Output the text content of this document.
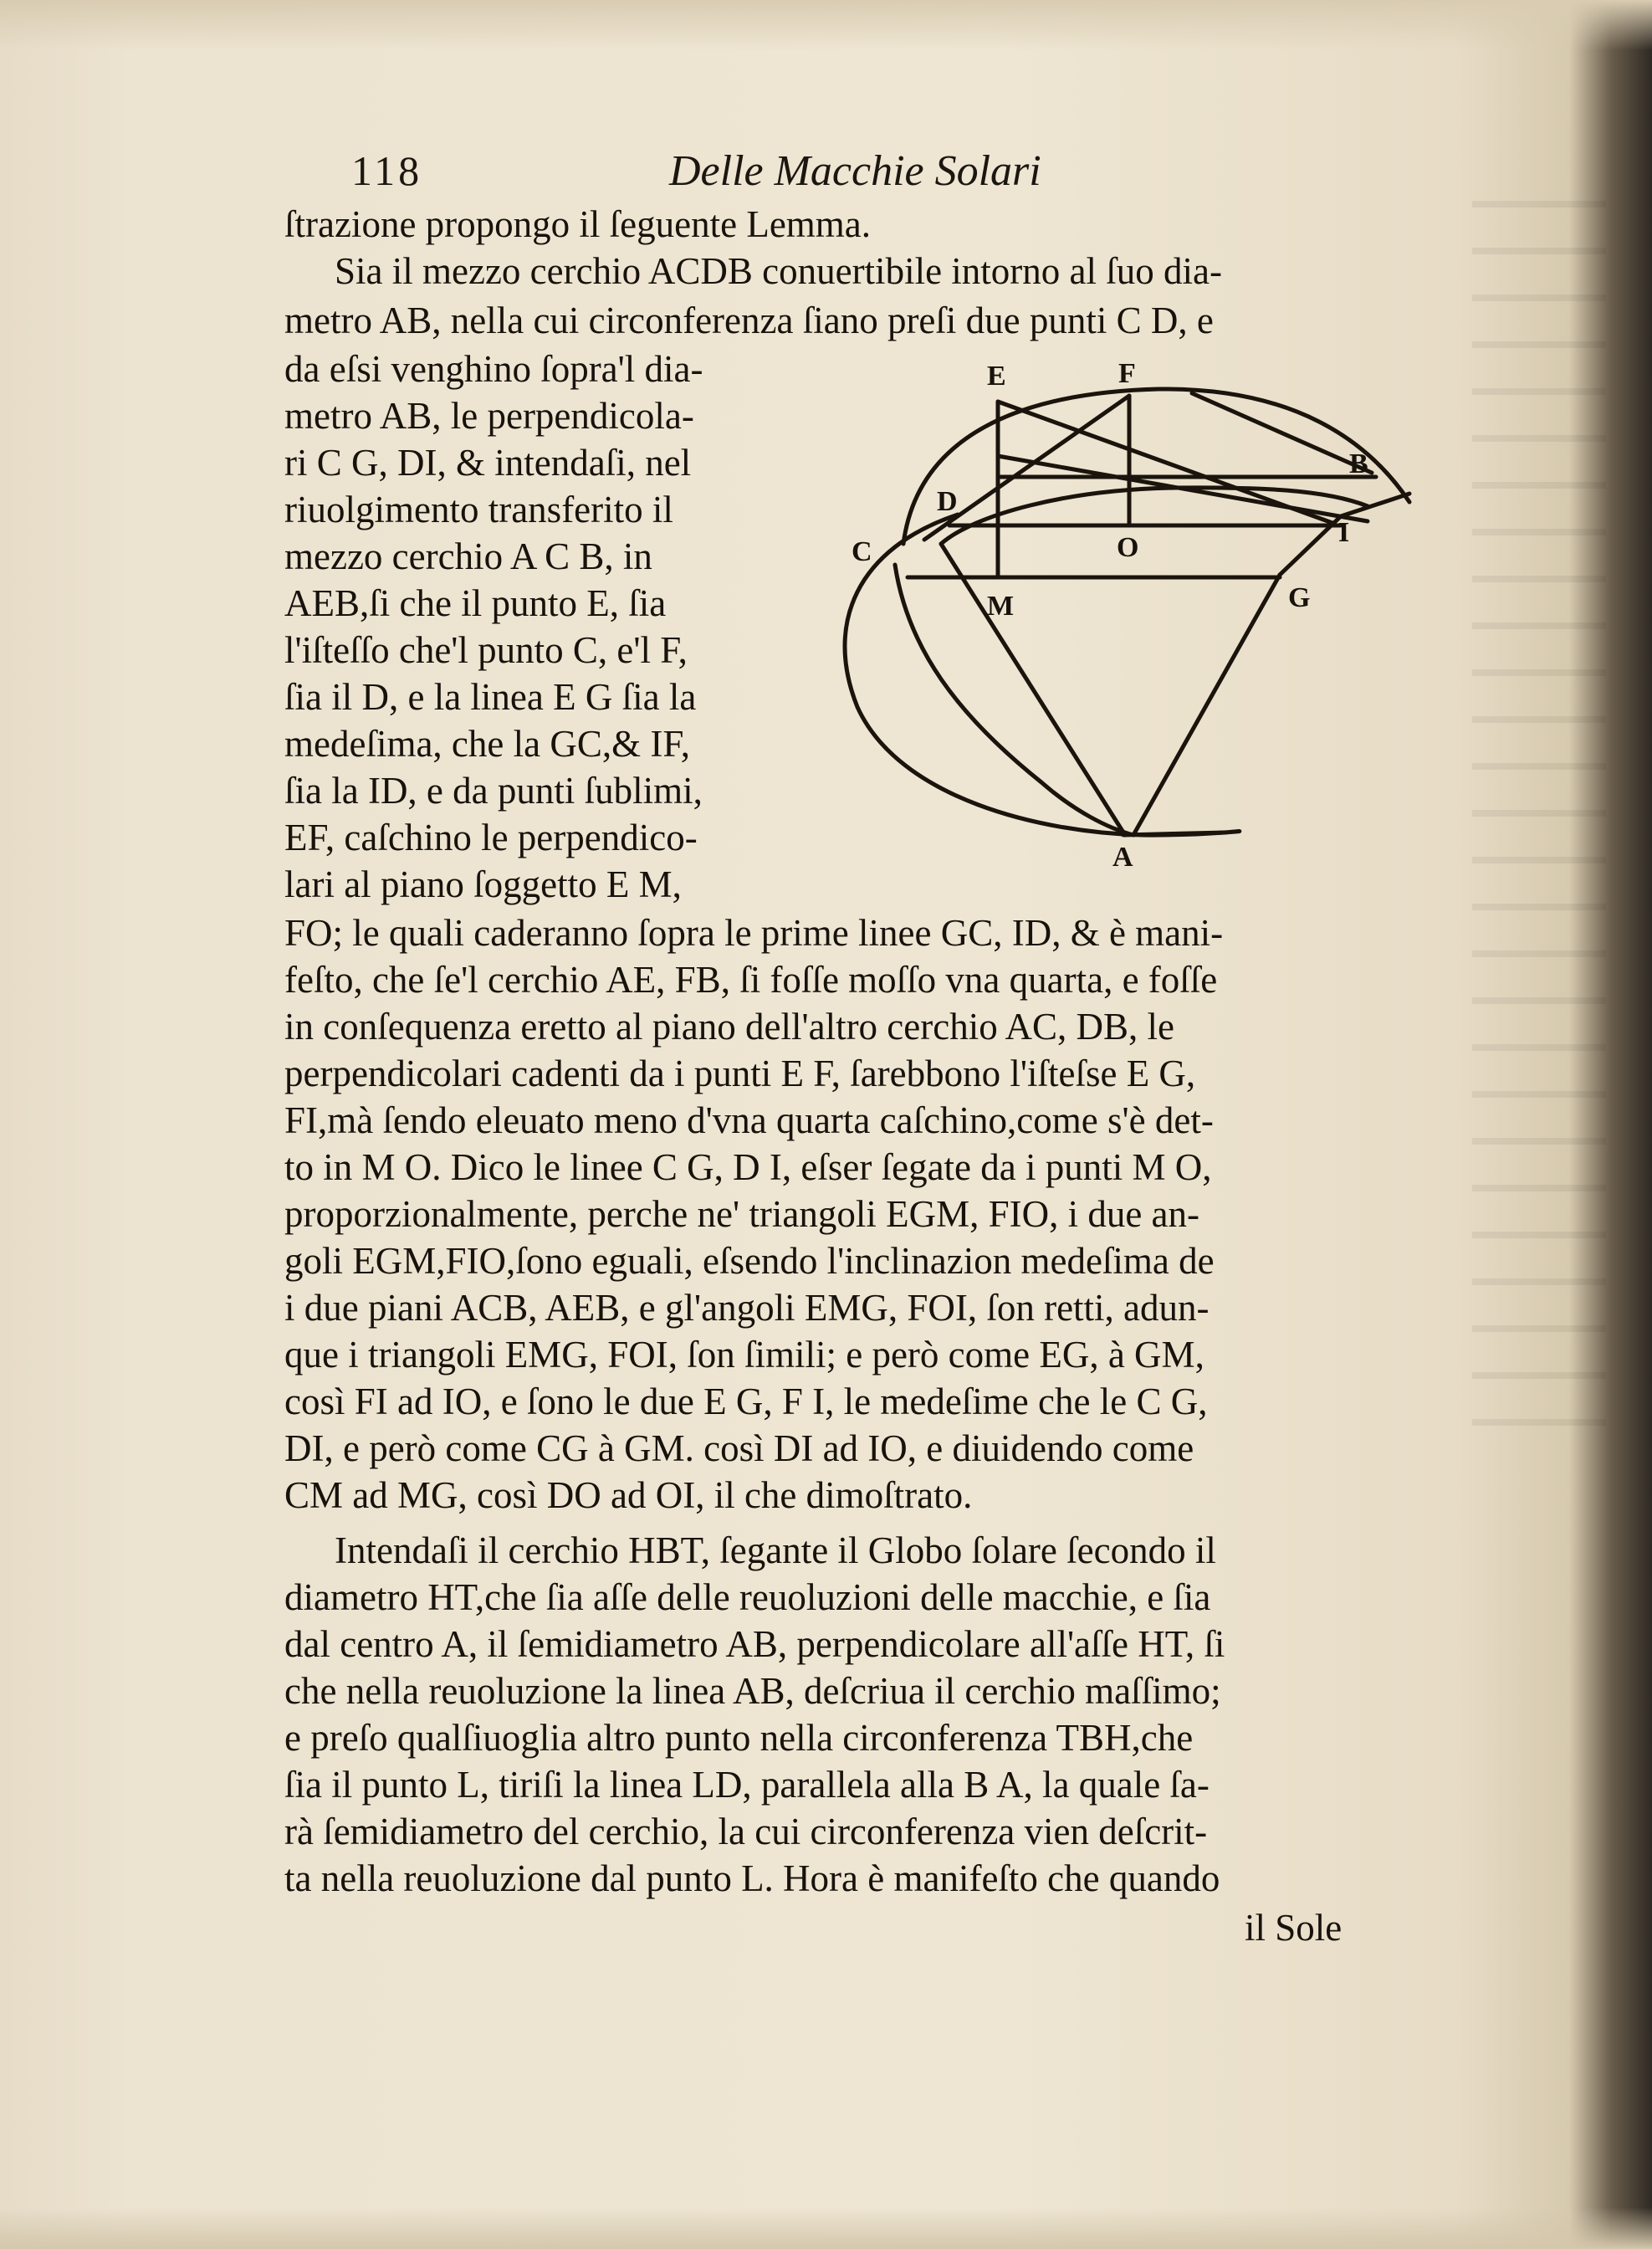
118	Delle Macchie Solari
ſtrazione propongo il ſeguente Lemma.
Sia il mezzo cerchio ACDB conuertibile intorno al ſuo dia-
metro AB, nella cui circonferenza ſiano preſi due punti C D, e
da eſsi venghino ſopra'l dia-
metro AB, le perpendicola-
ri C G, DI, & intendaſi, nel
riuolgimento transferito il
mezzo cerchio A C B, in
AEB,ſi che il punto E, ſia
l'iſteſſo che'l punto C, e'l F,
ſia il D, e la linea E G ſia la
medeſima, che la GC,& IF,
ſia la ID, e da punti ſublimi,
EF, caſchino le perpendico-
lari al piano ſoggetto E M,
FO; le quali caderanno ſopra le prime linee GC, ID, & è mani-
feſto, che ſe'l cerchio AE, FB, ſi foſſe moſſo vna quarta, e foſſe
in conſequenza eretto al piano dell'altro cerchio AC, DB, le
perpendicolari cadenti da i punti E F, ſarebbono l'iſteſse E G,
FI,mà ſendo eleuato meno d'vna quarta caſchino,come s'è det-
to in M O. Dico le linee C G, D I, eſser ſegate da i punti M O,
proporzionalmente, perche ne' triangoli EGM, FIO, i due an-
goli EGM,FIO,ſono eguali, eſsendo l'inclinazion medeſima de
i due piani ACB, AEB, e gl'angoli EMG, FOI, ſon retti, adun-
que i triangoli EMG, FOI, ſon ſimili; e però come EG, à GM,
così FI ad IO, e ſono le due E G, F I, le medeſime che le C G,
DI, e però come CG à GM. così DI ad IO, e diuidendo come
CM ad MG, così DO ad OI, il che dimoſtrato.
Intendaſi il cerchio HBT, ſegante il Globo ſolare ſecondo il
diametro HT,che ſia aſſe delle reuoluzioni delle macchie, e ſia
dal centro A, il ſemidiametro AB, perpendicolare all'aſſe HT, ſi
che nella reuoluzione la linea AB, deſcriua il cerchio maſſimo;
e preſo qualſiuoglia altro punto nella circonferenza TBH,che
ſia il punto L, tiriſi la linea LD, parallela alla B A, la quale ſa-
rà ſemidiametro del cerchio, la cui circonferenza vien deſcrit-
ta nella reuoluzione dal punto L. Hora è manifeſto che quando
il Sole
E	F
B
D
I
C	O
M	G
A
